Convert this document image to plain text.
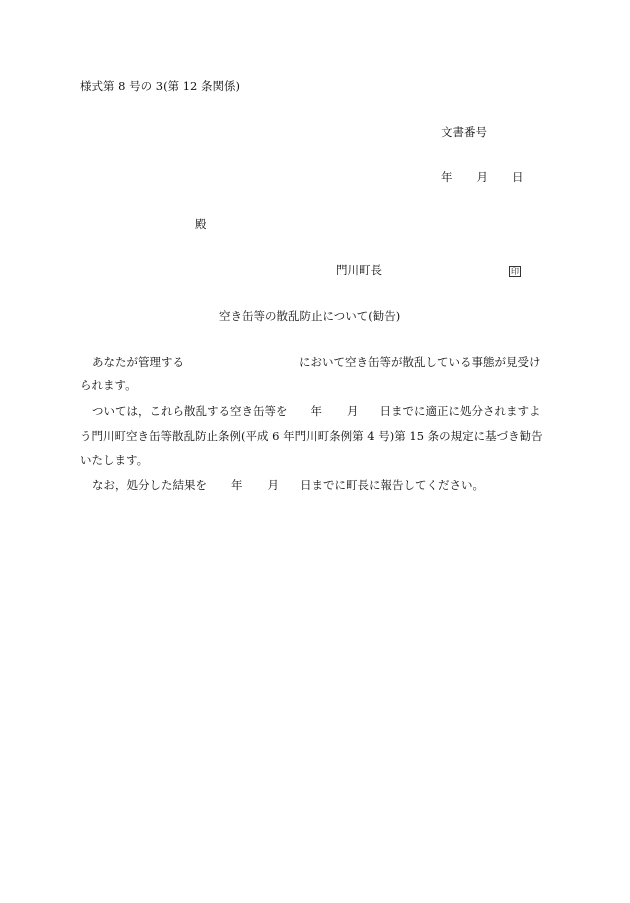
様式第 8 号の 3(第 12 条関係)
文書番号
年 月 日
殿
門川町長	印
空き缶等の散乱防止について(勧告)
あなたが管理する	において空き缶等が散乱している事態が見受け
られます。
ついては，これら散乱する空き缶等を 年 月 日までに適正に処分されますよ
う門川町空き缶等散乱防止条例(平成 6 年門川町条例第 4 号)第 15 条の規定に基づき勧告
いたします。
なお，処分した結果を 年 月 日までに町長に報告してください。
